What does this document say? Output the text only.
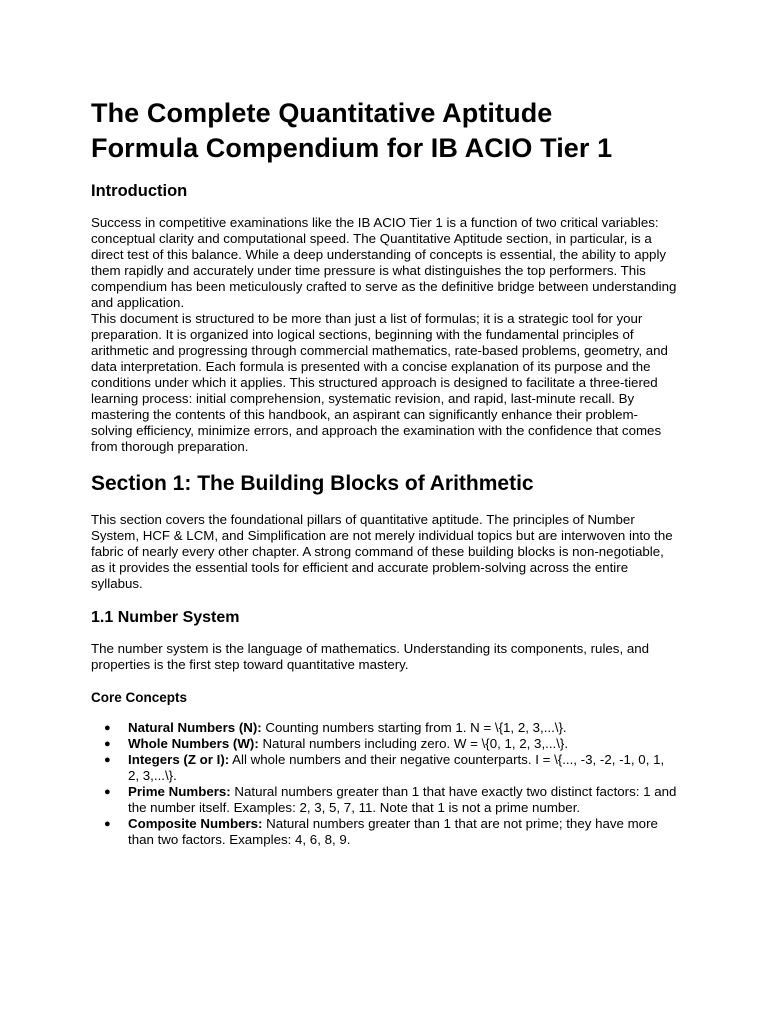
The Complete Quantitative Aptitude
Formula Compendium for IB ACIO Tier 1
Introduction

Success in competitive examinations like the IB ACIO Tier 1 is a function of two critical variables: conceptual clarity and computational speed. The Quantitative Aptitude section, in particular, is a direct test of this balance. While a deep understanding of concepts is essential, the ability to apply them rapidly and accurately under time pressure is what distinguishes the top performers. This compendium has been meticulously crafted to serve as the definitive bridge between understanding and application.

This document is structured to be more than just a list of formulas; it is a strategic tool for your preparation. It is organized into logical sections, beginning with the fundamental principles of arithmetic and progressing through commercial mathematics, rate-based problems, geometry, and data interpretation. Each formula is presented with a concise explanation of its purpose and the conditions under which it applies. This structured approach is designed to facilitate a three-tiered learning process: initial comprehension, systematic revision, and rapid, last-minute recall. By mastering the contents of this handbook, an aspirant can significantly enhance their problem-solving efficiency, minimize errors, and approach the examination with the confidence that comes from thorough preparation.

Section 1: The Building Blocks of Arithmetic

This section covers the foundational pillars of quantitative aptitude. The principles of Number System, HCF & LCM, and Simplification are not merely individual topics but are interwoven into the fabric of nearly every other chapter. A strong command of these building blocks is non-negotiable, as it provides the essential tools for efficient and accurate problem-solving across the entire syllabus.

1.1 Number System

The number system is the language of mathematics. Understanding its components, rules, and properties is the first step toward quantitative mastery.

Core Concepts
● Natural Numbers (N): Counting numbers starting from 1. N = \{1, 2, 3,...\}.
● Whole Numbers (W): Natural numbers including zero. W = \{0, 1, 2, 3,...\}.
● Integers (Z or I): All whole numbers and their negative counterparts. I = \{..., -3, -2, -1, 0, 1, 2, 3,...\}.
● Prime Numbers: Natural numbers greater than 1 that have exactly two distinct factors: 1 and the number itself. Examples: 2, 3, 5, 7, 11. Note that 1 is not a prime number.
● Composite Numbers: Natural numbers greater than 1 that are not prime; they have more than two factors. Examples: 4, 6, 8, 9.
